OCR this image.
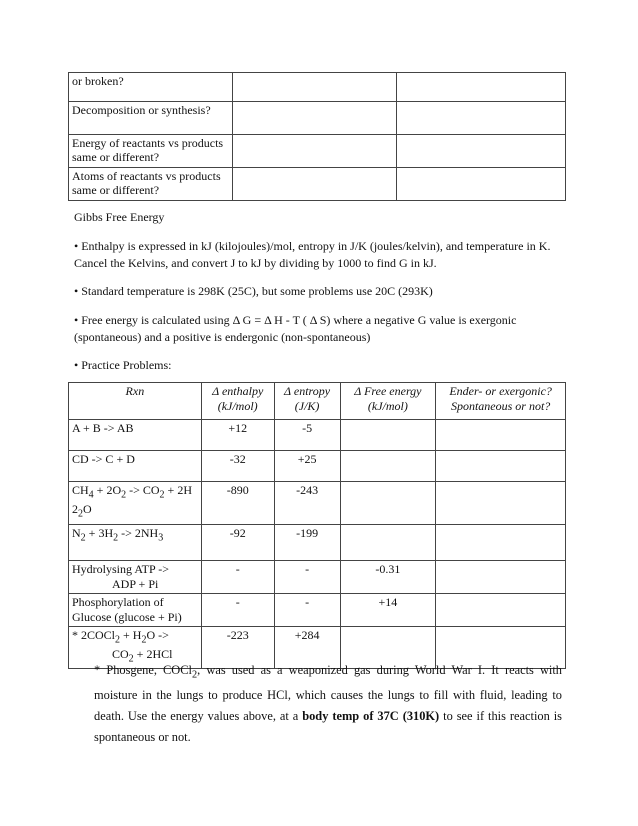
or broken?		
Decomposition or synthesis?		
Energy of reactants vs products same or different?		
Atoms of reactants vs products same or different?		
Gibbs Free Energy
• Enthalpy is expressed in kJ (kilojoules)/mol, entropy in J/K (joules/kelvin), and temperature in K. Cancel the Kelvins, and convert J to kJ by dividing by 1000 to find G in kJ.
• Standard temperature is 298K (25C), but some problems use 20C (293K)
• Free energy is calculated using Δ G = Δ H - T ( Δ S) where a negative G value is exergonic (spontaneous) and a positive is endergonic (non-spontaneous)
• Practice Problems:
Rxn	Δ enthalpy (kJ/mol)	Δ entropy (J/K)	Δ Free energy (kJ/mol)	Ender- or exergonic? Spontaneous or not?
A + B -> AB	+12	-5		
CD -> C + D	-32	+25		
$CH_4 + 2O_2 -> CO_2 + 2H$
$2_2O$	-890	-243		
$N_2 + 3H_2 -> 2NH_3$	-92	-199		
Hydrolysing ATP ->
ADP + Pi	-	-	-0.31	
Phosphorylation of
Glucose (glucose + Pi)	-	-	+14	
* 2COCl$_2$ + $H_2O$ ->
$CO_2 + 2HCl$	-223	+284		
* Phosgene, COCl$_2$, was used as a weaponized gas during World War I. It reacts with moisture in the lungs to produce HCl, which causes the lungs to fill with fluid, leading to death. Use the energy values above, at a body temp of 37C (310K) to see if this reaction is spontaneous or not.
